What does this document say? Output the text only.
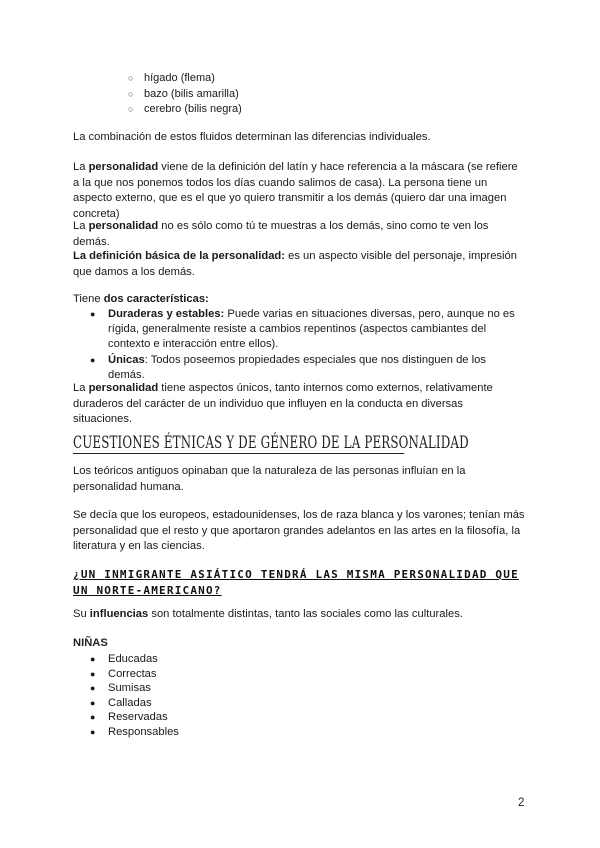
○ hígado (flema)
○ bazo (bilis amarilla)
○ cerebro (bilis negra)

La combinación de estos fluidos determinan las diferencias individuales.

La personalidad viene de la definición del latín y hace referencia a la máscara (se refiere a la que nos ponemos todos los días cuando salimos de casa). La persona tiene un aspecto externo, que es el que yo quiero transmitir a los demás (quiero dar una imagen concreta)

La personalidad no es sólo como tú te muestras a los demás, sino como te ven los demás.

La definición básica de la personalidad: es un aspecto visible del personaje, impresión que damos a los demás.

Tiene dos características:

● Duraderas y estables: Puede varias en situaciones diversas, pero, aunque no es rígida, generalmente resiste a cambios repentinos (aspectos cambiantes del contexto e interacción entre ellos).
● Únicas: Todos poseemos propiedades especiales que nos distinguen de los demás.

La personalidad tiene aspectos únicos, tanto internos como externos, relativamente duraderos del carácter de un individuo que influyen en la conducta en diversas situaciones.

CUESTIONES ÉTNICAS Y DE GÉNERO DE LA PERSONALIDAD

Los teóricos antiguos opinaban que la naturaleza de las personas influían en la personalidad humana.

Se decía que los europeos, estadounidenses, los de raza blanca y los varones; tenían más personalidad que el resto y que aportaron grandes adelantos en las artes en la filosofía, la literatura y en las ciencias.

¿UN INMIGRANTE ASIÁTICO TENDRÁ LAS MISMA PERSONALIDAD QUE UN NORTE-AMERICANO?

Su influencias son totalmente distintas, tanto las sociales como las culturales.

NIÑAS
● Educadas
● Correctas
● Sumisas
● Calladas
● Reservadas
● Responsables
2
